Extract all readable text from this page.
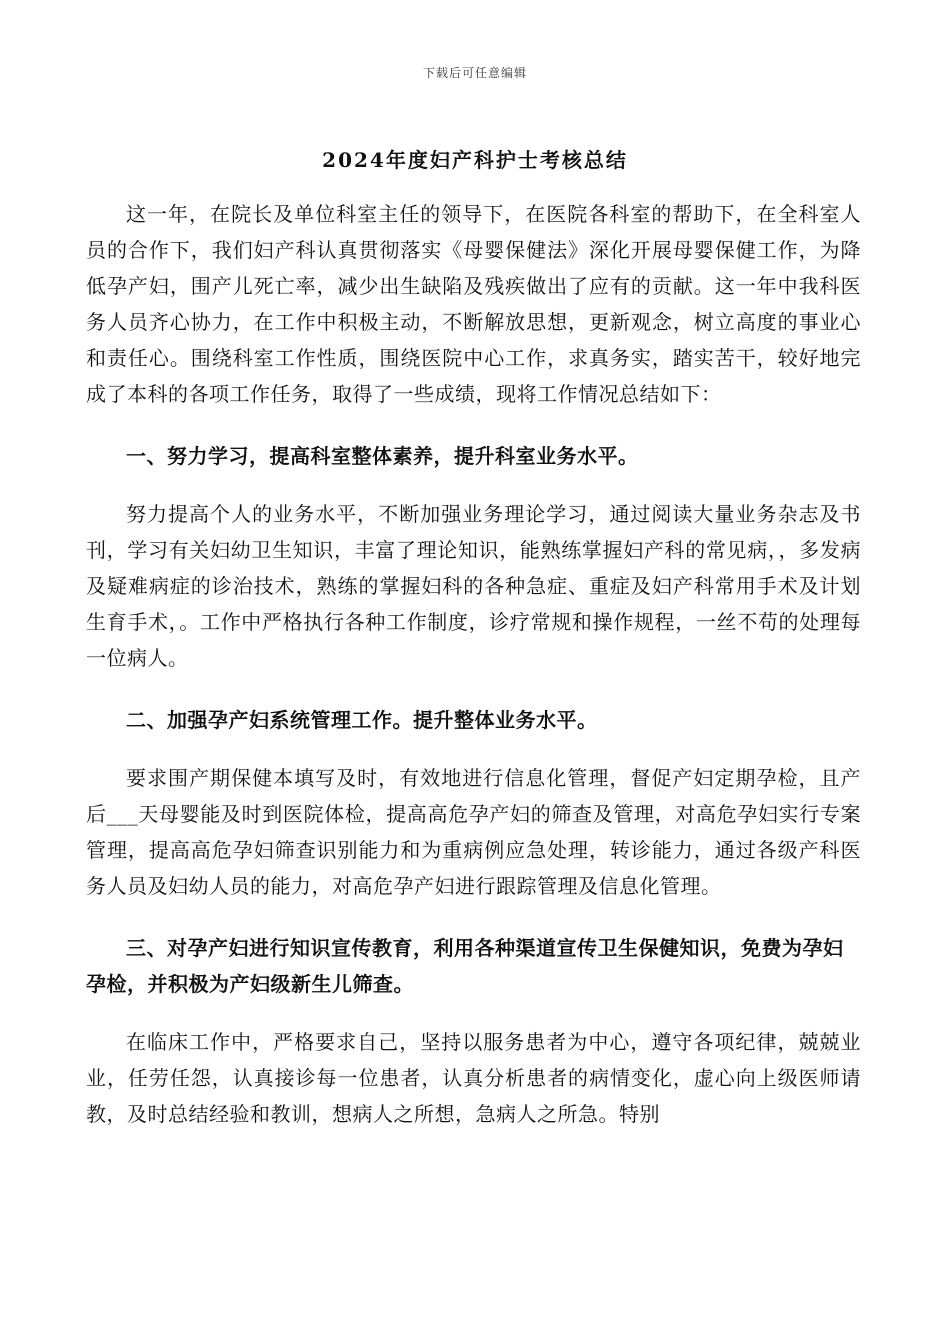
下载后可任意编辑
2024年度妇产科护士考核总结

这一年，在院长及单位科室主任的领导下，在医院各科室的帮助下，在全科室人员的合作下，我们妇产科认真贯彻落实《母婴保健法》深化开展母婴保健工作，为降低孕产妇，围产儿死亡率，减少出生缺陷及残疾做出了应有的贡献。这一年中我科医务人员齐心协力，在工作中积极主动，不断解放思想，更新观念，树立高度的事业心和责任心。围绕科室工作性质，围绕医院中心工作，求真务实，踏实苦干，较好地完成了本科的各项工作任务，取得了一些成绩，现将工作情况总结如下：

一、努力学习，提高科室整体素养，提升科室业务水平。

努力提高个人的业务水平，不断加强业务理论学习，通过阅读大量业务杂志及书刊，学习有关妇幼卫生知识，丰富了理论知识，能熟练掌握妇产科的常见病，，多发病及疑难病症的诊治技术，熟练的掌握妇科的各种急症、重症及妇产科常用手术及计划生育手术，。工作中严格执行各种工作制度，诊疗常规和操作规程，一丝不苟的处理每一位病人。

二、加强孕产妇系统管理工作。提升整体业务水平。

要求围产期保健本填写及时，有效地进行信息化管理，督促产妇定期孕检，且产后___天母婴能及时到医院体检，提高高危孕产妇的筛查及管理，对高危孕妇实行专案管理，提高高危孕妇筛查识别能力和为重病例应急处理，转诊能力，通过各级产科医务人员及妇幼人员的能力，对高危孕产妇进行跟踪管理及信息化管理。

三、对孕产妇进行知识宣传教育，利用各种渠道宣传卫生保健知识，免费为孕妇孕检，并积极为产妇级新生儿筛查。

在临床工作中，严格要求自己，坚持以服务患者为中心，遵守各项纪律，兢兢业业，任劳任怨，认真接诊每一位患者，认真分析患者的病情变化，虚心向上级医师请教，及时总结经验和教训，想病人之所想，急病人之所急。特别
